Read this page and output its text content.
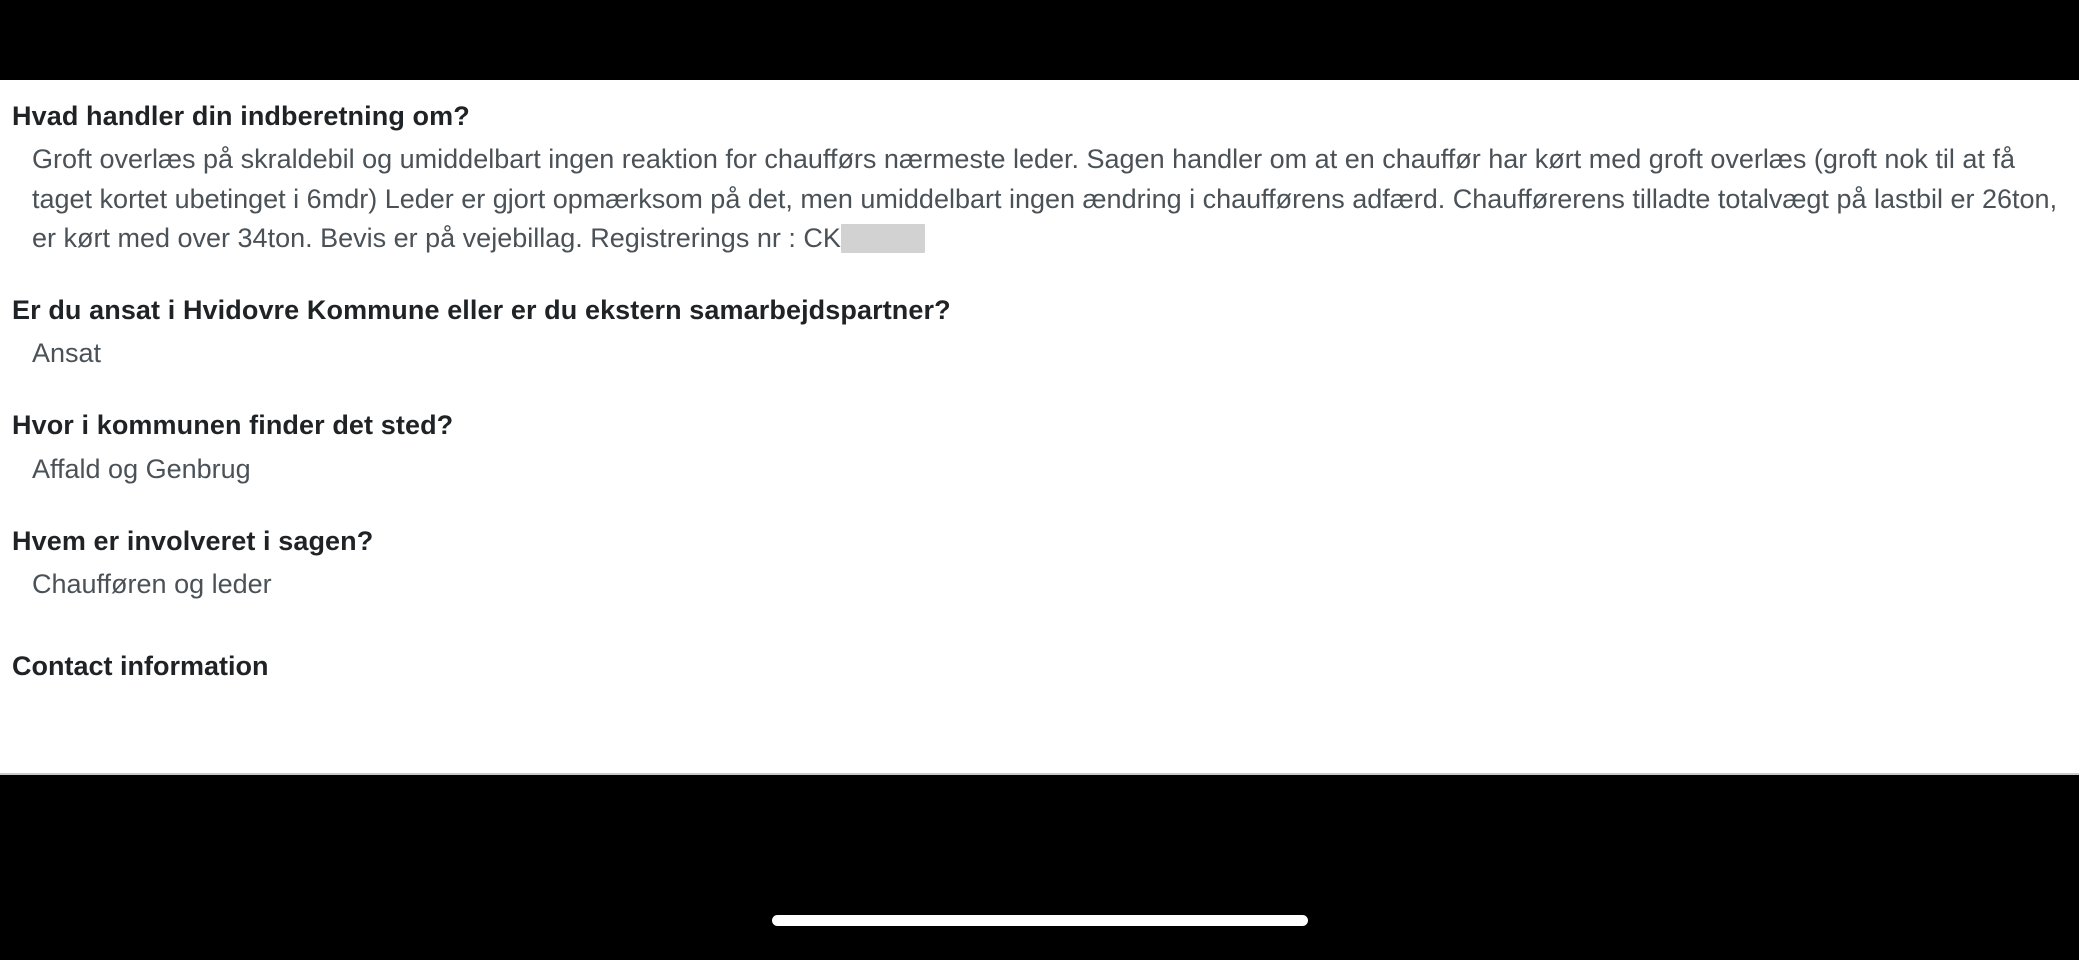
Hvad handler din indberetning om?
Groft overlæs på skraldebil og umiddelbart ingen reaktion for chaufførs nærmeste leder. Sagen handler om at en chauffør har kørt med groft overlæs (groft nok til at få taget kortet ubetinget i 6mdr) Leder er gjort opmærksom på det, men umiddelbart ingen ændring i chaufførens adfærd. Chaufførerens tilladte totalvægt på lastbil er 26ton, er kørt med over 34ton. Bevis er på vejebillag. Registrerings nr : CK
Er du ansat i Hvidovre Kommune eller er du ekstern samarbejdspartner?
Ansat
Hvor i kommunen finder det sted?
Affald og Genbrug
Hvem er involveret i sagen?
Chaufføren og leder
Contact information
